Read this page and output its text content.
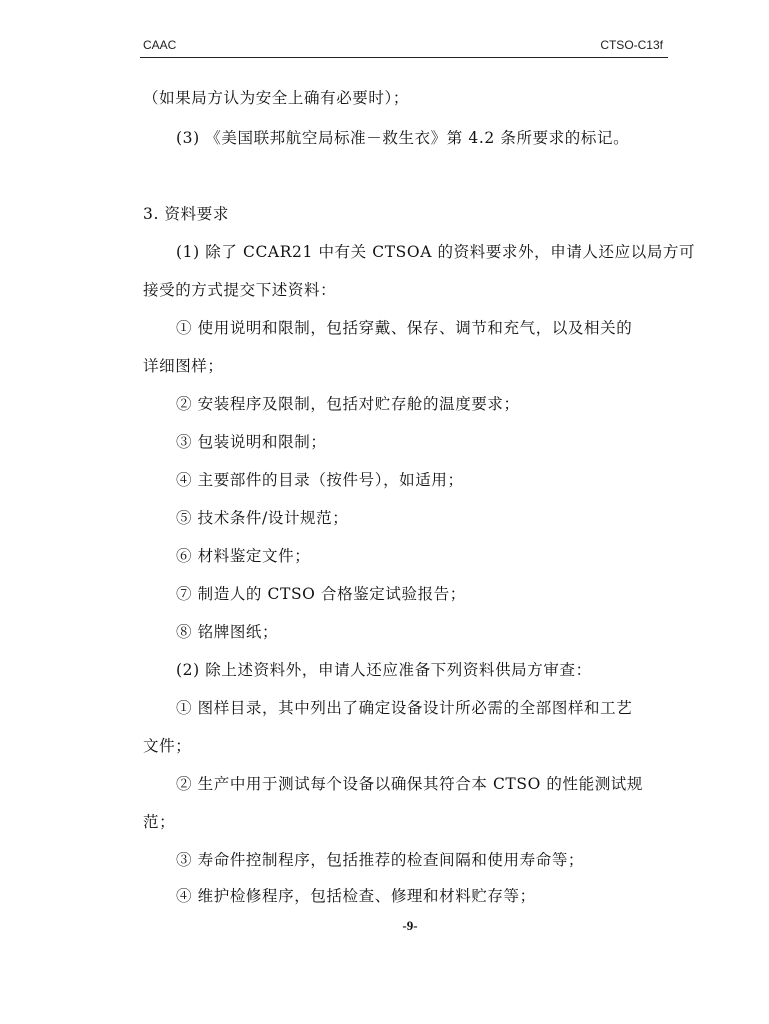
CAAC	CTSO-C13f
（如果局方认为安全上确有必要时）；
(3) 《美国联邦航空局标准－救生衣》第 4.2 条所要求的标记。
3. 资料要求
(1) 除了 CCAR21 中有关 CTSOA 的资料要求外，申请人还应以局方可
接受的方式提交下述资料：
① 使用说明和限制，包括穿戴、保存、调节和充气，以及相关的
详细图样；
② 安装程序及限制，包括对贮存舱的温度要求；
③ 包装说明和限制；
④ 主要部件的目录（按件号），如适用；
⑤ 技术条件/设计规范；
⑥ 材料鉴定文件；
⑦ 制造人的 CTSO 合格鉴定试验报告；
⑧ 铭牌图纸；
(2) 除上述资料外，申请人还应准备下列资料供局方审查：
① 图样目录，其中列出了确定设备设计所必需的全部图样和工艺
文件；
② 生产中用于测试每个设备以确保其符合本 CTSO 的性能测试规
范；
③ 寿命件控制程序，包括推荐的检查间隔和使用寿命等；
④ 维护检修程序，包括检查、修理和材料贮存等；
-9-
